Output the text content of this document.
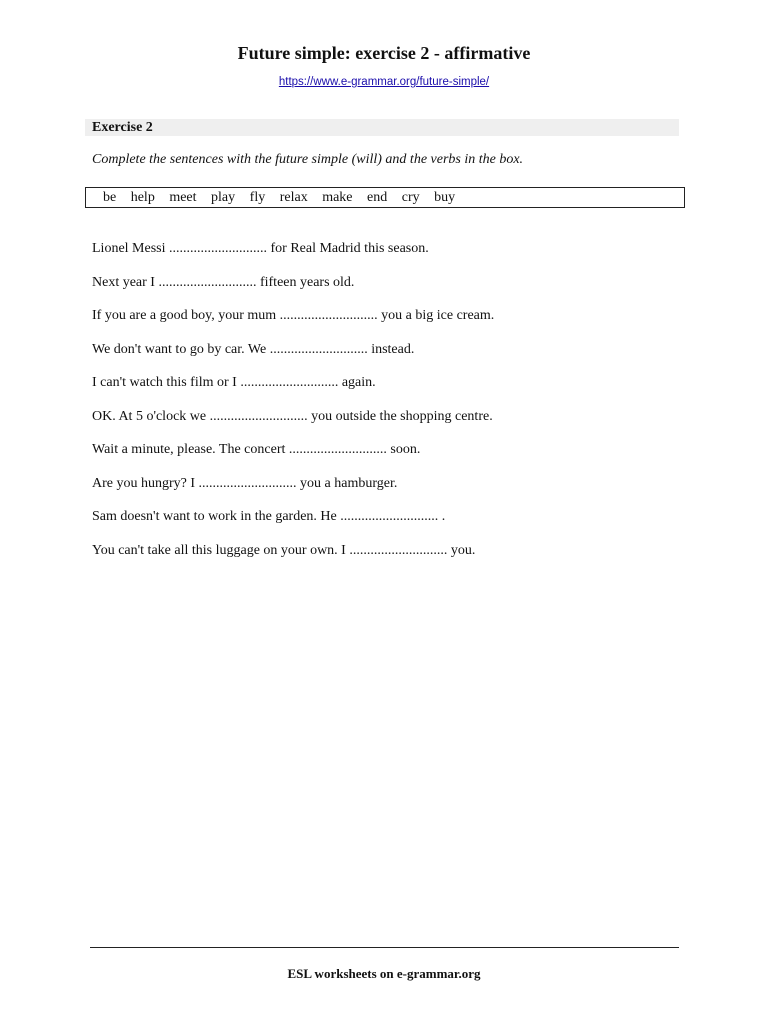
Future simple: exercise 2 - affirmative
https://www.e-grammar.org/future-simple/
Exercise 2
Complete the sentences with the future simple (will) and the verbs in the box.
be help meet play fly relax make end cry buy
Lionel Messi ............................ for Real Madrid this season.
Next year I ............................ fifteen years old.
If you are a good boy, your mum ............................ you a big ice cream.
We don't want to go by car. We ............................ instead.
I can't watch this film or I ............................ again.
OK. At 5 o'clock we ............................ you outside the shopping centre.
Wait a minute, please. The concert ............................ soon.
Are you hungry? I ............................ you a hamburger.
Sam doesn't want to work in the garden. He ............................ .
You can't take all this luggage on your own. I ............................ you.
ESL worksheets on e-grammar.org
